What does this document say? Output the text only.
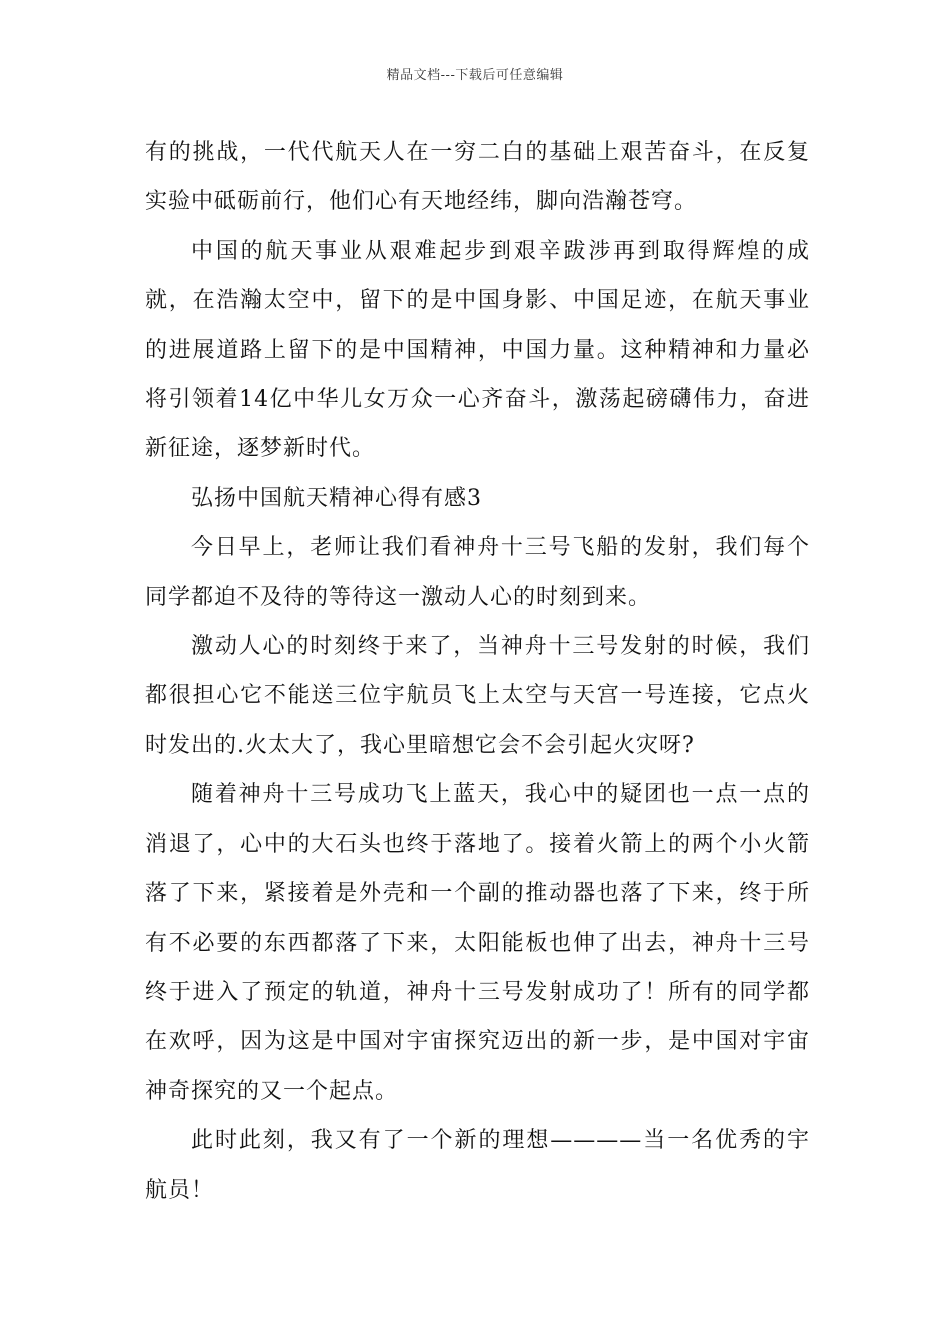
精品文档---下载后可任意编辑

有的挑战，一代代航天人在一穷二白的基础上艰苦奋斗，在反复实验中砥砺前行，他们心有天地经纬，脚向浩瀚苍穹。

中国的航天事业从艰难起步到艰辛跋涉再到取得辉煌的成就，在浩瀚太空中，留下的是中国身影、中国足迹，在航天事业的进展道路上留下的是中国精神，中国力量。这种精神和力量必将引领着14亿中华儿女万众一心齐奋斗，激荡起磅礴伟力，奋进新征途，逐梦新时代。

弘扬中国航天精神心得有感3

今日早上，老师让我们看神舟十三号飞船的发射，我们每个同学都迫不及待的等待这一激动人心的时刻到来。

激动人心的时刻终于来了，当神舟十三号发射的时候，我们都很担心它不能送三位宇航员飞上太空与天宫一号连接，它点火时发出的.火太大了，我心里暗想它会不会引起火灾呀?

随着神舟十三号成功飞上蓝天，我心中的疑团也一点一点的消退了，心中的大石头也终于落地了。接着火箭上的两个小火箭落了下来，紧接着是外壳和一个副的推动器也落了下来，终于所有不必要的东西都落了下来，太阳能板也伸了出去，神舟十三号终于进入了预定的轨道，神舟十三号发射成功了！所有的同学都在欢呼，因为这是中国对宇宙探究迈出的新一步，是中国对宇宙神奇探究的又一个起点。

此时此刻，我又有了一个新的理想————当一名优秀的宇航员！
